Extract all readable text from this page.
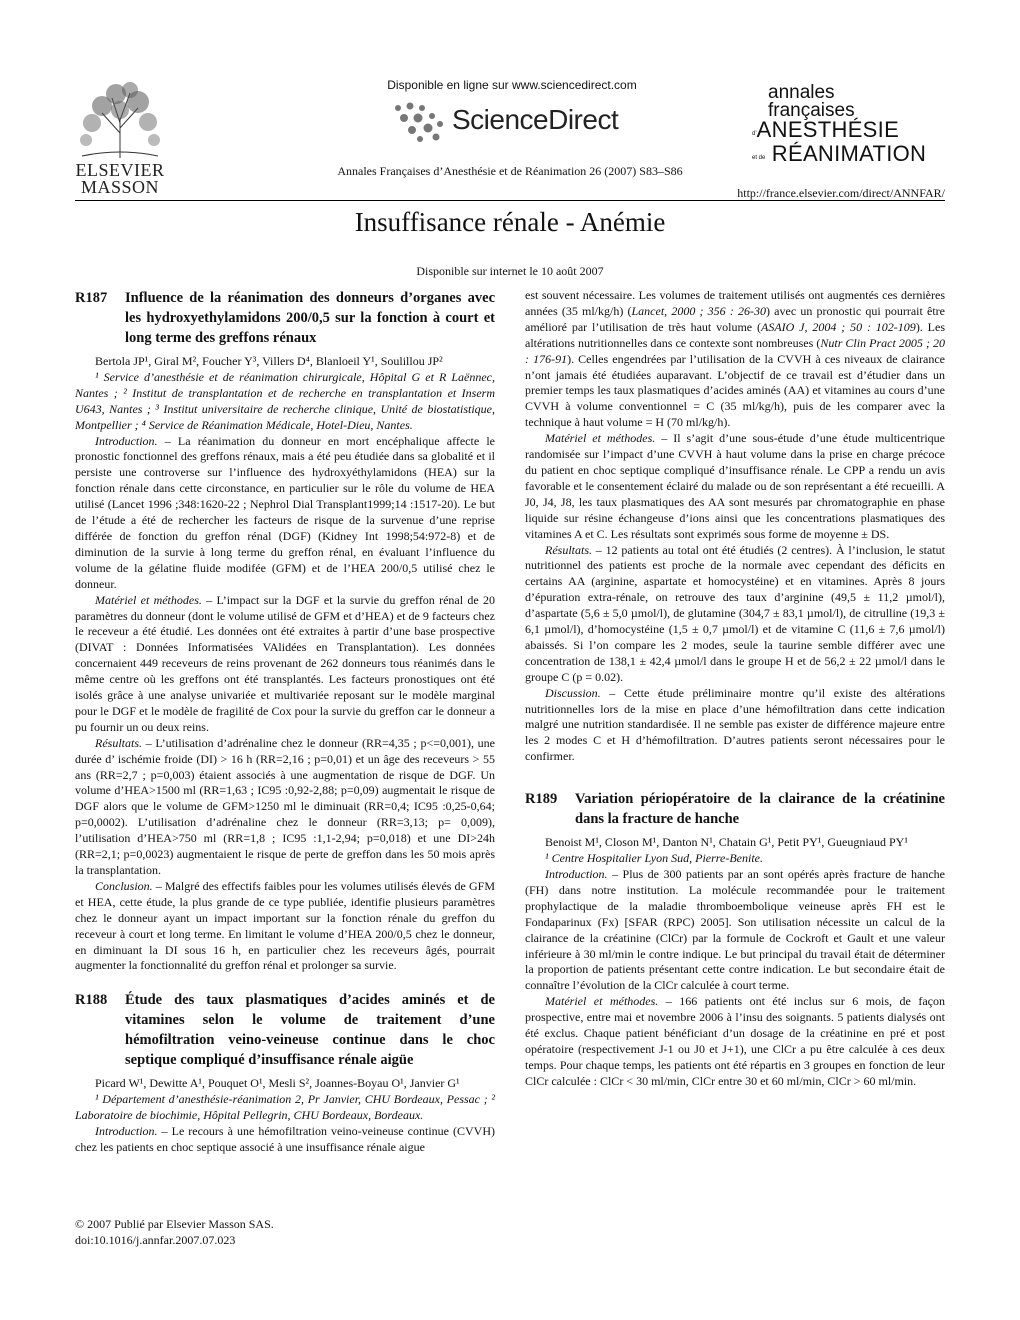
ELSEVIER
MASSON
Disponible en ligne sur www.sciencedirect.com
ScienceDirect
Annales Françaises d’Anesthésie et de Réanimation 26 (2007) S83–S86
annales
françaises
d’ANESTHÉSIE
et de RÉANIMATION
http://france.elsevier.com/direct/ANNFAR/
Insuffisance rénale - Anémie
Disponible sur internet le 10 août 2007
R187	Influence de la réanimation des donneurs d’organes avec les hydroxyethylamidons 200/0,5 sur la fonction à court et long terme des greffons rénaux

Bertola JP¹, Giral M², Foucher Y³, Villers D⁴, Blanloeil Y¹, Soulillou JP²

¹ Service d’anesthésie et de réanimation chirurgicale, Hôpital G et R Laënnec, Nantes ; ² Institut de transplantation et de recherche en transplantation et Inserm U643, Nantes ; ³ Institut universitaire de recherche clinique, Unité de biostatistique, Montpellier ; ⁴ Service de Réanimation Médicale, Hotel-Dieu, Nantes.

Introduction. – La réanimation du donneur en mort encéphalique affecte le pronostic fonctionnel des greffons rénaux, mais a été peu étudiée dans sa globalité et il persiste une controverse sur l’influence des hydroxyéthylamidons (HEA) sur la fonction rénale dans cette circonstance, en particulier sur le rôle du volume de HEA utilisé (Lancet 1996 ;348:1620-22 ; Nephrol Dial Transplant1999;14 :1517-20). Le but de l’étude a été de rechercher les facteurs de risque de la survenue d’une reprise différée de fonction du greffon rénal (DGF) (Kidney Int 1998;54:972-8) et de diminution de la survie à long terme du greffon rénal, en évaluant l’influence du volume de la gélatine fluide modifée (GFM) et de l’HEA 200/0,5 utilisé chez le donneur.

Matériel et méthodes. – L’impact sur la DGF et la survie du greffon rénal de 20 paramètres du donneur (dont le volume utilisé de GFM et d’HEA) et de 9 facteurs chez le receveur a été étudié. Les données ont été extraites à partir d’une base prospective (DIVAT : Données Informatisées VAlidées en Transplantation). Les données concernaient 449 receveurs de reins provenant de 262 donneurs tous réanimés dans le même centre où les greffons ont été transplantés. Les facteurs pronostiques ont été isolés grâce à une analyse univariée et multivariée reposant sur le modèle marginal pour le DGF et le modèle de fragilité de Cox pour la survie du greffon car le donneur a pu fournir un ou deux reins.

Résultats. – L’utilisation d’adrénaline chez le donneur (RR=4,35 ; p<=0,001), une durée d’ ischémie froide (DI) > 16 h (RR=2,16 ; p=0,01) et un âge des receveurs > 55 ans (RR=2,7 ; p=0,003) étaient associés à une augmentation de risque de DGF. Un volume d’HEA>1500 ml (RR=1,63 ; IC95 :0,92-2,88; p=0,09) augmentait le risque de DGF alors que le volume de GFM>1250 ml le diminuait (RR=0,4; IC95 :0,25-0,64; p=0,0002). L’utilisation d’adrénaline chez le donneur (RR=3,13; p= 0,009), l’utilisation d’HEA>750 ml (RR=1,8 ; IC95 :1,1-2,94; p=0,018) et une DI>24h (RR=2,1; p=0,0023) augmentaient le risque de perte de greffon dans les 50 mois après la transplantation.

Conclusion. – Malgré des effectifs faibles pour les volumes utilisés élevés de GFM et HEA, cette étude, la plus grande de ce type publiée, identifie plusieurs paramètres chez le donneur ayant un impact important sur la fonction rénale du greffon du receveur à court et long terme. En limitant le volume d’HEA 200/0,5 chez le donneur, en diminuant la DI sous 16 h, en particulier chez les receveurs âgés, pourrait augmenter la fonctionnalité du greffon rénal et prolonger sa survie.

R188	Étude des taux plasmatiques d’acides aminés et de vitamines selon le volume de traitement d’une hémofiltration veino-veineuse continue dans le choc septique compliqué d’insuffisance rénale aigüe

Picard W¹, Dewitte A¹, Pouquet O¹, Mesli S², Joannes-Boyau O¹, Janvier G¹

¹ Département d’anesthésie-réanimation 2, Pr Janvier, CHU Bordeaux, Pessac ; ² Laboratoire de biochimie, Hôpital Pellegrin, CHU Bordeaux, Bordeaux.

Introduction. – Le recours à une hémofiltration veino-veineuse continue (CVVH) chez les patients en choc septique associé à une insuffisance rénale aigue

est souvent nécessaire. Les volumes de traitement utilisés ont augmentés ces dernières années (35 ml/kg/h) (Lancet, 2000 ; 356 : 26-30) avec un pronostic qui pourrait être amélioré par l’utilisation de très haut volume (ASAIO J, 2004 ; 50 : 102-109). Les altérations nutritionnelles dans ce contexte sont nombreuses (Nutr Clin Pract 2005 ; 20 : 176-91). Celles engendrées par l’utilisation de la CVVH à ces niveaux de clairance n’ont jamais été étudiées auparavant. L’objectif de ce travail est d’étudier dans un premier temps les taux plasmatiques d’acides aminés (AA) et vitamines au cours d’une CVVH à volume conventionnel = C (35 ml/kg/h), puis de les comparer avec la technique à haut volume = H (70 ml/kg/h).

Matériel et méthodes. – Il s’agit d’une sous-étude d’une étude multicentrique randomisée sur l’impact d’une CVVH à haut volume dans la prise en charge précoce du patient en choc septique compliqué d’insuffisance rénale. Le CPP a rendu un avis favorable et le consentement éclairé du malade ou de son représentant a été recueilli. A J0, J4, J8, les taux plasmatiques des AA sont mesurés par chromatographie en phase liquide sur résine échangeuse d’ions ainsi que les concentrations plasmatiques des vitamines A et C. Les résultats sont exprimés sous forme de moyenne ± DS.

Résultats. – 12 patients au total ont été étudiés (2 centres). À l’inclusion, le statut nutritionnel des patients est proche de la normale avec cependant des déficits en certains AA (arginine, aspartate et homocystéine) et en vitamines. Après 8 jours d’épuration extra-rénale, on retrouve des taux d’arginine (49,5 ± 11,2 µmol/l), d’aspartate (5,6 ± 5,0 µmol/l), de glutamine (304,7 ± 83,1 µmol/l), de citrulline (19,3 ± 6,1 µmol/l), d’homocystéine (1,5 ± 0,7 µmol/l) et de vitamine C (11,6 ± 7,6 µmol/l) abaissés. Si l’on compare les 2 modes, seule la taurine semble différer avec une concentration de 138,1 ± 42,4 µmol/l dans le groupe H et de 56,2 ± 22 µmol/l dans le groupe C (p = 0.02).

Discussion. – Cette étude préliminaire montre qu’il existe des altérations nutritionnelles lors de la mise en place d’une hémofiltration dans cette indication malgré une nutrition standardisée. Il ne semble pas exister de différence majeure entre les 2 modes C et H d’hémofiltration. D’autres patients seront nécessaires pour le confirmer.

R189	Variation périopératoire de la clairance de la créatinine dans la fracture de hanche

Benoist M¹, Closon M¹, Danton N¹, Chatain G¹, Petit PY¹, Gueugniaud PY¹

¹ Centre Hospitalier Lyon Sud, Pierre-Benite.

Introduction. – Plus de 300 patients par an sont opérés après fracture de hanche (FH) dans notre institution. La molécule recommandée pour le traitement prophylactique de la maladie thromboembolique veineuse après FH est le Fondaparinux (Fx) [SFAR (RPC) 2005]. Son utilisation nécessite un calcul de la clairance de la créatinine (ClCr) par la formule de Cockroft et Gault et une valeur inférieure à 30 ml/min le contre indique. Le but principal du travail était de déterminer la proportion de patients présentant cette contre indication. Le but secondaire était de connaître l’évolution de la ClCr calculée à court terme.

Matériel et méthodes. – 166 patients ont été inclus sur 6 mois, de façon prospective, entre mai et novembre 2006 à l’insu des soignants. 5 patients dialysés ont été exclus. Chaque patient bénéficiant d’un dosage de la créatinine en pré et post opératoire (respectivement J-1 ou J0 et J+1), une ClCr a pu être calculée à ces deux temps. Pour chaque temps, les patients ont été répartis en 3 groupes en fonction de leur ClCr calculée : ClCr < 30 ml/min, ClCr entre 30 et 60 ml/min, ClCr > 60 ml/min.

© 2007 Publié par Elsevier Masson SAS.
doi:10.1016/j.annfar.2007.07.023
